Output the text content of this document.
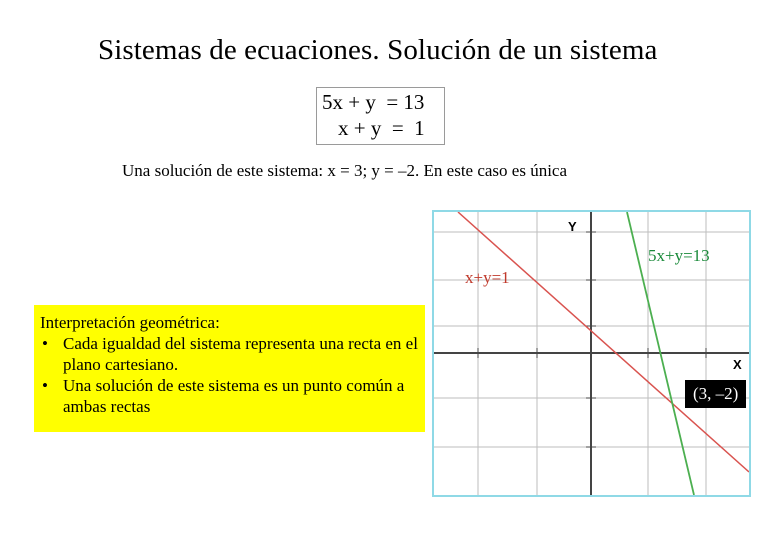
Sistemas de ecuaciones. Solución de un sistema
5x + y  = 13
x + y  =  1
Una solución de este sistema: x = 3; y = –2. En este caso es única
Interpretación geométrica:
• Cada igualdad del sistema representa una recta en el plano cartesiano.
• Una solución de este sistema es un punto común a ambas rectas
Y
X
x+y=1
5x+y=13
(3, –2)
